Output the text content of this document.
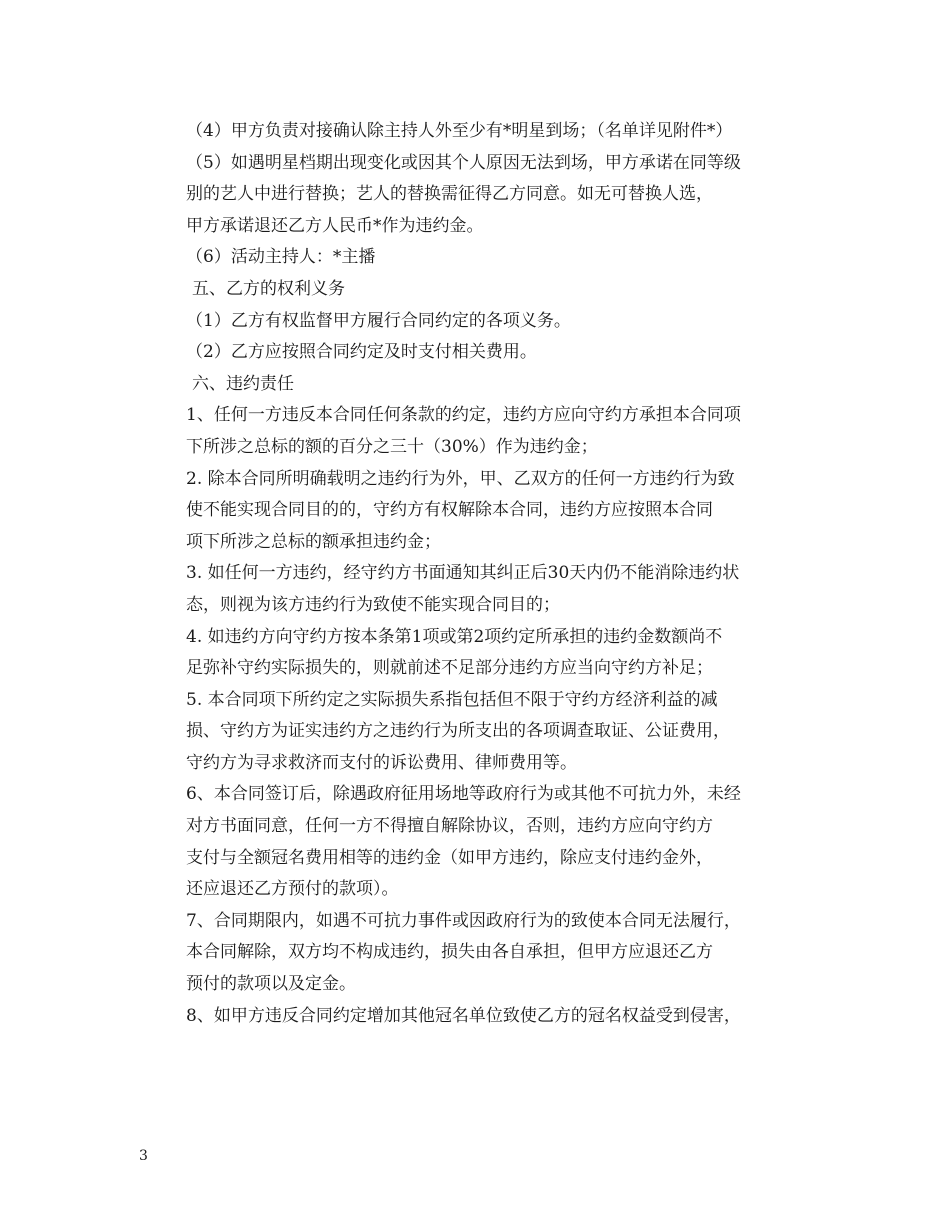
（4）甲方负责对接确认除主持人外至少有*明星到场；（名单详见附件*）
（5）如遇明星档期出现变化或因其个人原因无法到场，甲方承诺在同等级
别的艺人中进行替换；艺人的替换需征得乙方同意。如无可替换人选，
甲方承诺退还乙方人民币*作为违约金。
（6）活动主持人：*主播
五、乙方的权利义务
（1）乙方有权监督甲方履行合同约定的各项义务。
（2）乙方应按照合同约定及时支付相关费用。
六、违约责任
1、任何一方违反本合同任何条款的约定，违约方应向守约方承担本合同项
下所涉之总标的额的百分之三十（30%）作为违约金；
2. 除本合同所明确载明之违约行为外，甲、乙双方的任何一方违约行为致
使不能实现合同目的的，守约方有权解除本合同，违约方应按照本合同
项下所涉之总标的额承担违约金；
3. 如任何一方违约，经守约方书面通知其纠正后30天内仍不能消除违约状
态，则视为该方违约行为致使不能实现合同目的；
4. 如违约方向守约方按本条第1项或第2项约定所承担的违约金数额尚不
足弥补守约实际损失的，则就前述不足部分违约方应当向守约方补足；
5. 本合同项下所约定之实际损失系指包括但不限于守约方经济利益的减
损、守约方为证实违约方之违约行为所支出的各项调查取证、公证费用，
守约方为寻求救济而支付的诉讼费用、律师费用等。
6、本合同签订后，除遇政府征用场地等政府行为或其他不可抗力外，未经
对方书面同意，任何一方不得擅自解除协议，否则，违约方应向守约方
支付与全额冠名费用相等的违约金（如甲方违约，除应支付违约金外，
还应退还乙方预付的款项）。
7、合同期限内，如遇不可抗力事件或因政府行为的致使本合同无法履行，
本合同解除，双方均不构成违约，损失由各自承担，但甲方应退还乙方
预付的款项以及定金。
8、如甲方违反合同约定增加其他冠名单位致使乙方的冠名权益受到侵害，
3
